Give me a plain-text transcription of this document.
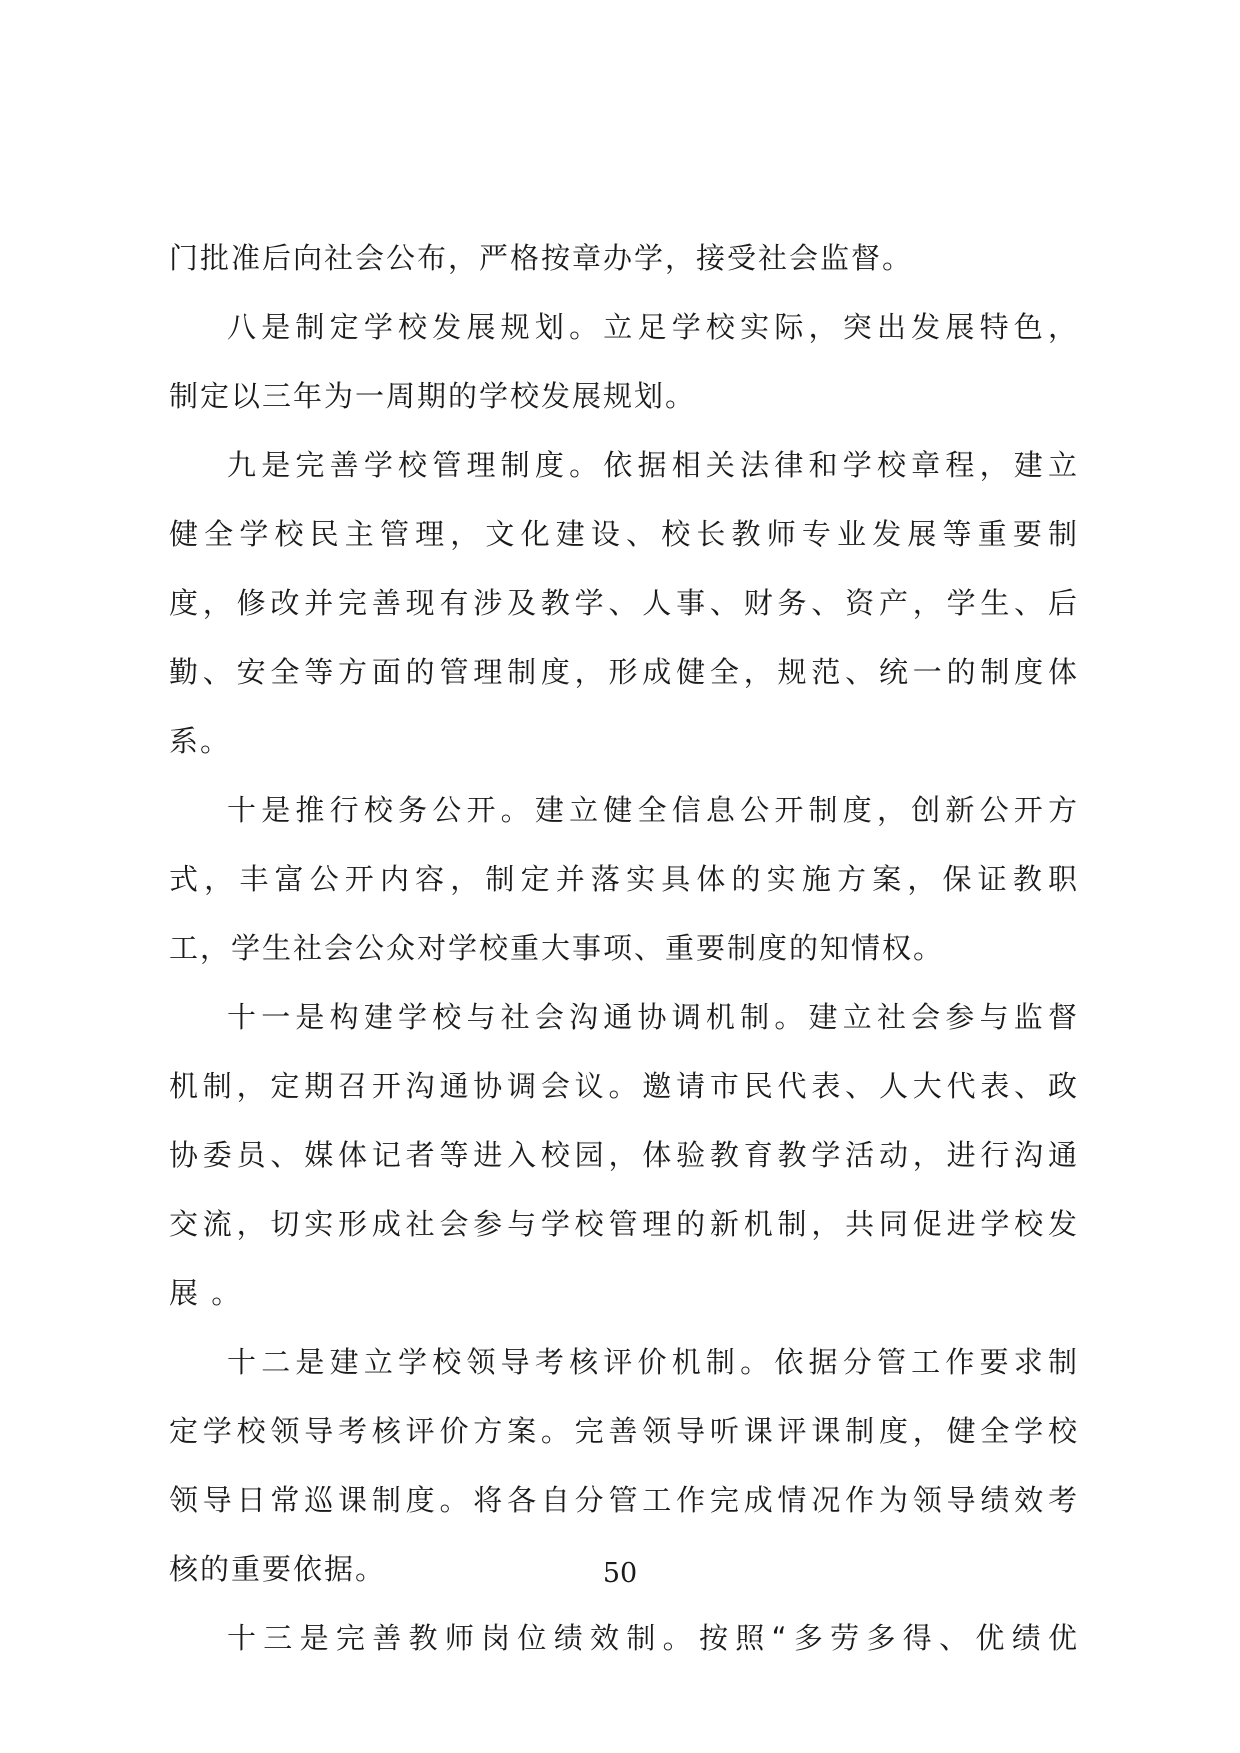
门批准后向社会公布，严格按章办学，接受社会监督。
八是制定学校发展规划。立足学校实际，突出发展特色，
制定以三年为一周期的学校发展规划。
九是完善学校管理制度。依据相关法律和学校章程，建立
健全学校民主管理，文化建设、校长教师专业发展等重要制
度，修改并完善现有涉及教学、人事、财务、资产，学生、后
勤、安全等方面的管理制度，形成健全，规范、统一的制度体
系。
十是推行校务公开。建立健全信息公开制度，创新公开方
式，丰富公开内容，制定并落实具体的实施方案，保证教职
工，学生社会公众对学校重大事项、重要制度的知情权。
十一是构建学校与社会沟通协调机制。建立社会参与监督
机制，定期召开沟通协调会议。邀请市民代表、人大代表、政
协委员、媒体记者等进入校园，体验教育教学活动，进行沟通
交流，切实形成社会参与学校管理的新机制，共同促进学校发
展 。
十二是建立学校领导考核评价机制。依据分管工作要求制
定学校领导考核评价方案。完善领导听课评课制度，健全学校
领导日常巡课制度。将各自分管工作完成情况作为领导绩效考
核的重要依据。
十三是完善教师岗位绩效制。按照“多劳多得、优绩优
50
